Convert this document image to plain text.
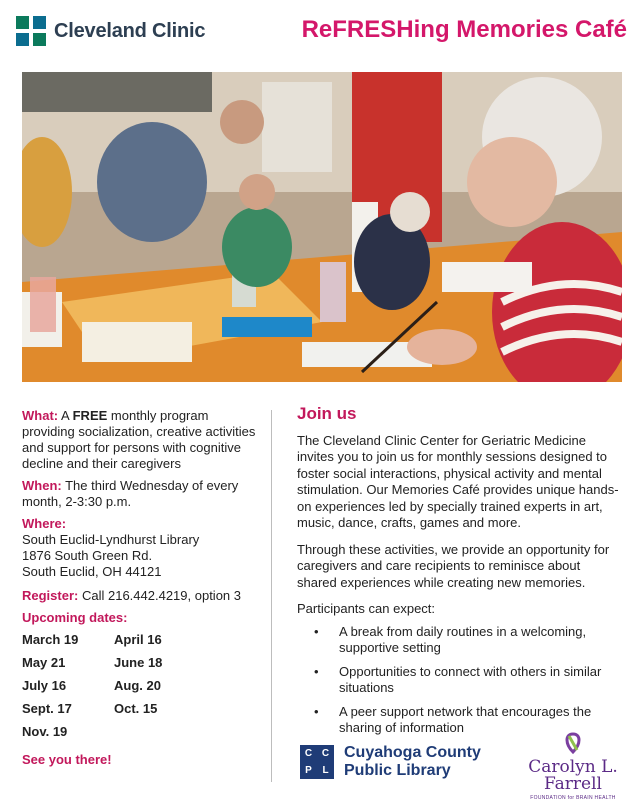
Cleveland Clinic	ReFRESHing Memories Café
What: A FREE monthly program providing socialization, creative activities and support for persons with cognitive decline and their caregivers
When: The third Wednesday of every month, 2-3:30 p.m.
Where:
South Euclid-Lyndhurst Library
1876 South Green Rd.
South Euclid, OH 44121
Register: Call 216.442.4219, option 3
Upcoming dates:
March 19	April 16
May 21	June 18
July 16	Aug. 20
Sept. 17	Oct. 15
Nov. 19
See you there!
Join us

The Cleveland Clinic Center for Geriatric Medicine invites you to join us for monthly sessions designed to foster social interactions, physical activity and mental stimulation. Our Memories Café provides unique hands-on experiences led by specially trained experts in art, music, dance, crafts, games and more.

Through these activities, we provide an opportunity for caregivers and care recipients to reminisce about shared experiences while creating new memories.

Participants can expect:

• A break from daily routines in a welcoming, supportive setting
• Opportunities to connect with others in similar situations
• A peer support network that encourages the sharing of information
C C
P	L
Cuyahoga County
Public Library	Carolyn L.
Farrell
FOUNDATION for BRAIN HEALTH
